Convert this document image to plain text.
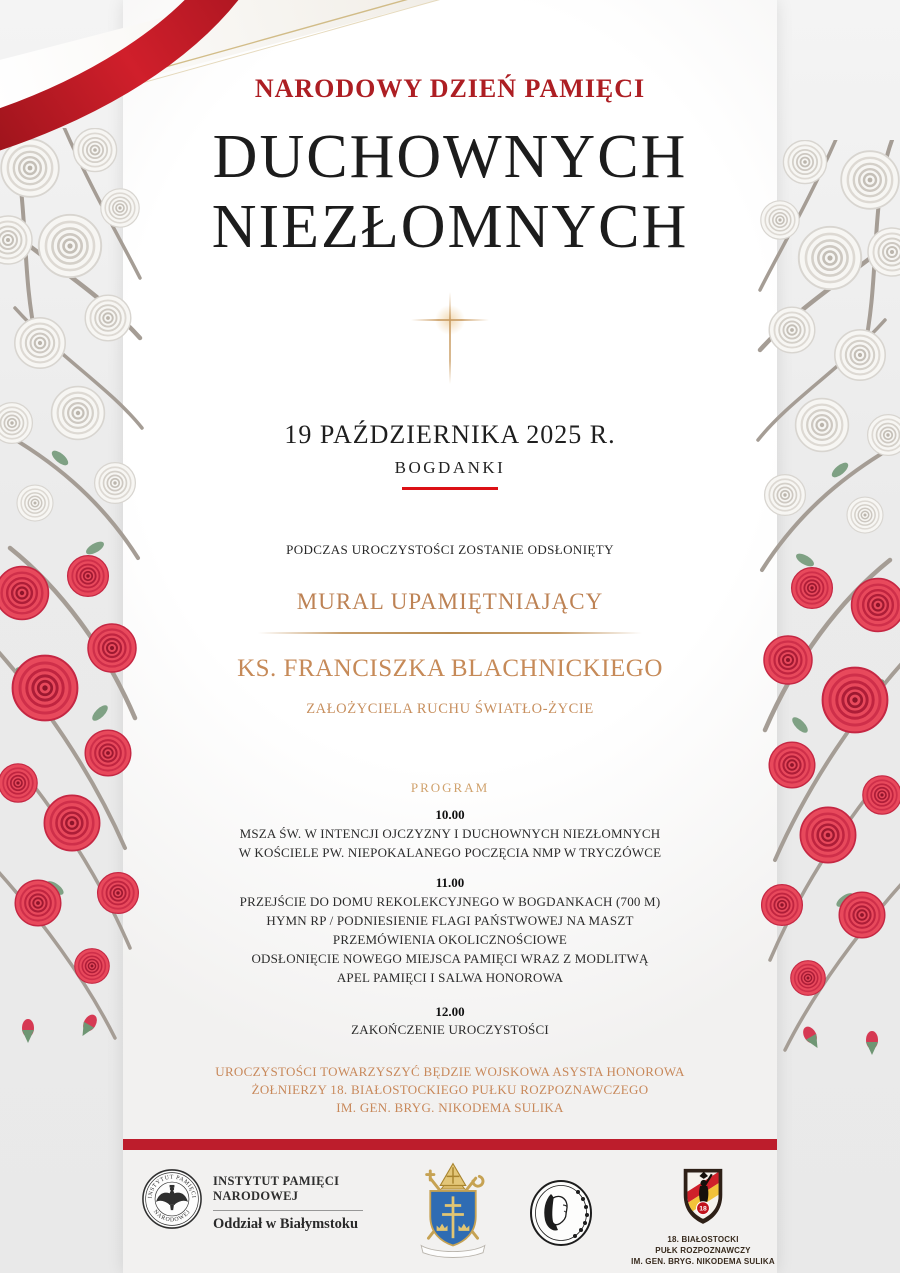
NARODOWY DZIEŃ PAMIĘCI
DUCHOWNYCH
NIEZŁOMNYCH
19 PAŹDZIERNIKA 2025 R.
BOGDANKI
PODCZAS UROCZYSTOŚCI ZOSTANIE ODSŁONIĘTY
MURAL UPAMIĘTNIAJĄCY
KS. FRANCISZKA BLACHNICKIEGO
ZAŁOŻYCIELA RUCHU ŚWIATŁO-ŻYCIE
PROGRAM
10.00
MSZA ŚW. W INTENCJI OJCZYZNY I DUCHOWNYCH NIEZŁOMNYCH
W KOŚCIELE PW. NIEPOKALANEGO POCZĘCIA NMP W TRYCZÓWCE
11.00
PRZEJŚCIE DO DOMU REKOLEKCYJNEGO W BOGDANKACH (700 M)
HYMN RP / PODNIESIENIE FLAGI PAŃSTWOWEJ NA MASZT
PRZEMÓWIENIA OKOLICZNOŚCIOWE
ODSŁONIĘCIE NOWEGO MIEJSCA PAMIĘCI WRAZ Z MODLITWĄ
APEL PAMIĘCI I SALWA HONOROWA
12.00
ZAKOŃCZENIE UROCZYSTOŚCI
UROCZYSTOŚCI TOWARZYSZYĆ BĘDZIE WOJSKOWA ASYSTA HONOROWA
ŻOŁNIERZY 18. BIAŁOSTOCKIEGO PUŁKU ROZPOZNAWCZEGO
IM. GEN. BRYG. NIKODEMA SULIKA
INSTYTUT PAMIĘCI
NARODOWEJ
INSTYTUT PAMIĘCI
NARODOWEJ
Oddział w Białymstoku
18
18. BIAŁOSTOCKI
PUŁK ROZPOZNAWCZY
IM. GEN. BRYG. NIKODEMA SULIKA
